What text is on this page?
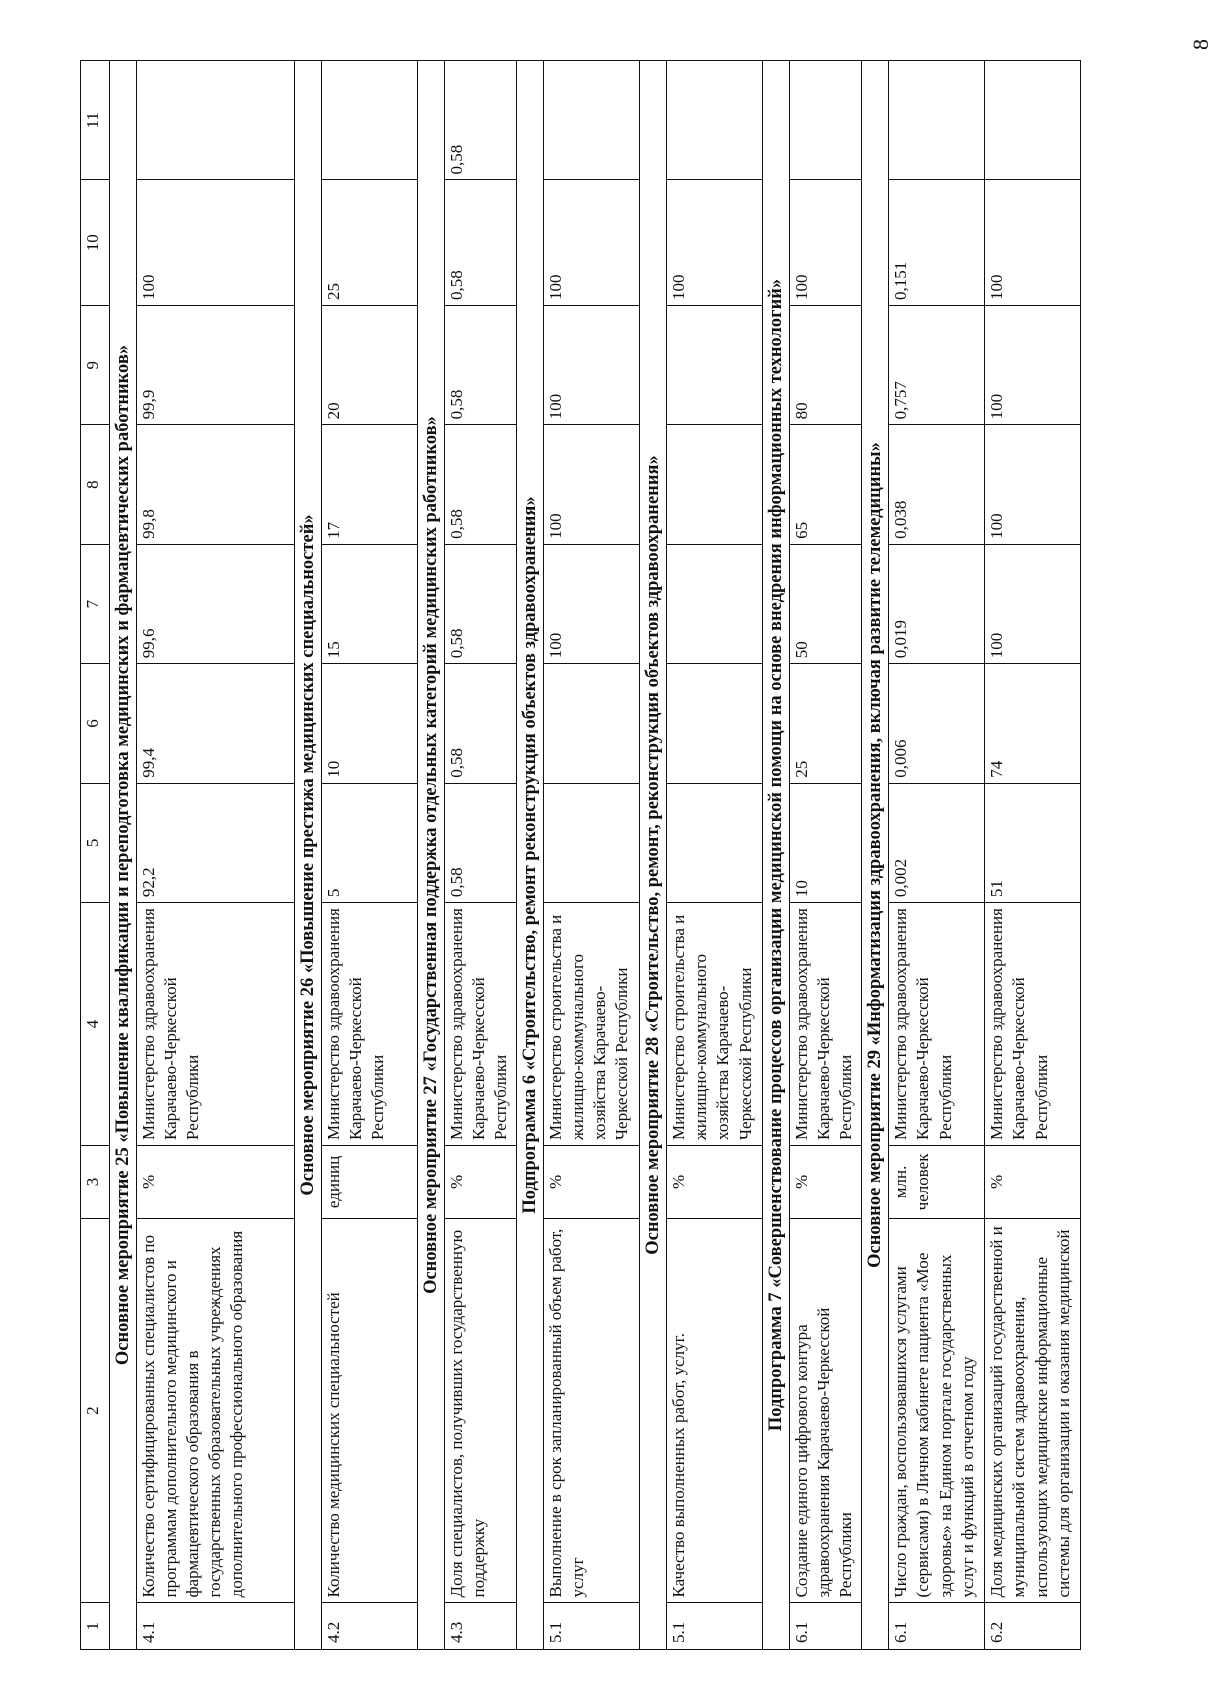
8
1	2	3	4	5	6	7	8	9	10	11
Основное мероприятие 25 «Повышение квалификации и переподготовка медицинских и фармацевтических работников»										
4.1	Количество сертифицированных специалистов по программам дополнительного медицинского и фармацевтического образования в государственных образовательных учреждениях дополнительного профессионального образования	%	Министерство здравоохранения Карачаево-Черкесской Республики	92,2	99,4	99,6	99,8	99,9	100	
Основное мероприятие 26 «Повышение престижа медицинских специальностей»										
4.2	Количество медицинских специальностей	единиц	Министерство здравоохранения Карачаево-Черкесской Республики	5	10	15	17	20	25	
Основное мероприятие 27 «Государственная поддержка отдельных категорий медицинских работников»										
4.3	Доля специалистов, получивших государственную поддержку	%	Министерство здравоохранения Карачаево-Черкесской Республики	0,58	0,58	0,58	0,58	0,58	0,58	0,58
Подпрограмма 6 «Строительство, ремонт реконструкция объектов здравоохранения»										
5.1	Выполнение в срок запланированный объем работ, услуг	%	Министерство строительства и жилищно-коммунального хозяйства Карачаево-Черкесской Республики			100	100	100	100	
Основное мероприятие 28 «Строительство, ремонт, реконструкция объектов здравоохранения»										
5.1	Качество выполненных работ, услуг.	%	Министерство строительства и жилищно-коммунального хозяйства Карачаево-Черкесской Республики						100	
Подпрограмма 7 «Совершенствование процессов организации медицинской помощи на основе внедрения информационных технологий»										
6.1	Создание единого цифрового контура здравоохранения Карачаево-Черкесской Республики	%	Министерство здравоохранения Карачаево-Черкесской Республики	10	25	50	65	80	100	
Основное мероприятие 29 «Информатизация здравоохранения, включая развитие телемедицины»										
6.1	Число граждан, воспользовавшихся услугами (сервисами) в Личном кабинете пациента «Мое здоровье» на Едином портале государственных услуг и функций в отчетном году	млн. человек	Министерство здравоохранения Карачаево-Черкесской Республики	0,002	0,006	0,019	0,038	0,757	0,151	
6.2	Доля медицинских организаций государственной и муниципальной систем здравоохранения, использующих медицинские информационные системы для организации и оказания медицинской	%	Министерство здравоохранения Карачаево-Черкесской Республики	51	74	100	100	100	100	
